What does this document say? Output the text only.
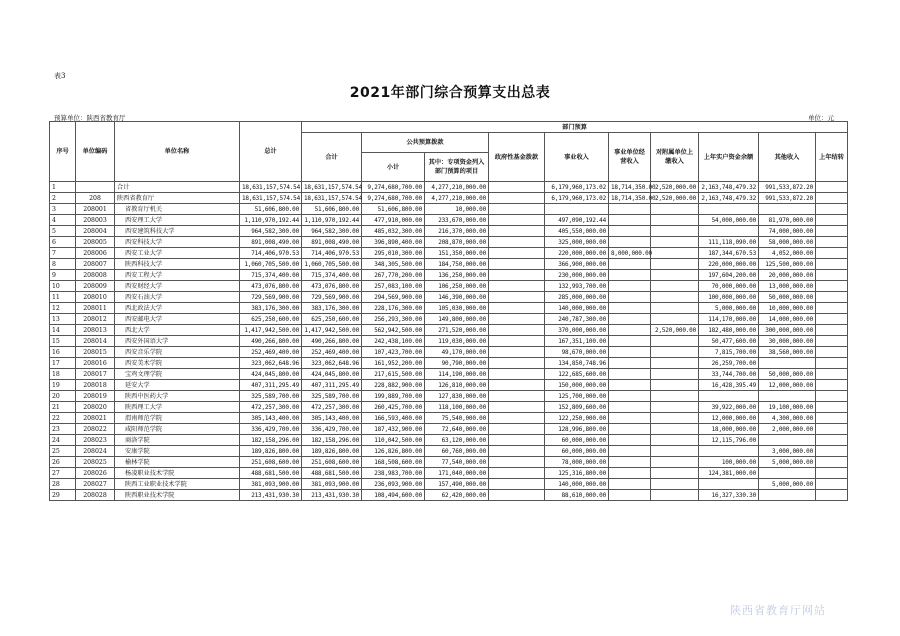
表3
2021年部门综合预算支出总表
预算单位：陕西省教育厅	单位：元
序号	单位编码	单位名称	总计	部门预算									
				合计	公共预算拨款		政府性基金拨款	事业收入	事业单位经营收入	对附属单位上缴收入	上年实户资金余额	其他收入	上年结转
					小计	其中：专项资金列入部门预算的项目							
1		合计	18,631,157,574.54	18,631,157,574.54	9,274,680,700.00	4,277,210,000.00		6,179,960,173.02	18,714,350.00	2,520,000.00	2,163,748,479.32	991,533,872.20	
2	208	陕西省教育厅	18,631,157,574.54	18,631,157,574.54	9,274,680,700.00	4,277,210,000.00		6,179,960,173.02	18,714,350.00	2,520,000.00	2,163,748,479.32	991,533,872.20	
3	208001	省教育厅机关	51,606,800.00	51,606,800.00	51,606,800.00	10,000.00							
4	208003	西安理工大学	1,110,970,192.44	1,110,970,192.44	477,910,000.00	233,670,000.00		497,090,192.44			54,000,000.00	81,970,000.00	
5	208004	西安建筑科技大学	964,582,300.00	964,582,300.00	485,032,300.00	216,370,000.00		405,550,000.00				74,000,000.00	
6	208005	西安科技大学	891,008,490.00	891,008,490.00	396,890,400.00	208,870,000.00		325,000,000.00			111,118,090.00	58,000,000.00	
7	208006	西安工业大学	714,406,970.53	714,406,970.53	295,010,300.00	151,350,000.00		220,000,000.00	8,000,000.00		187,344,670.53	4,052,000.00	
8	208007	陕西科技大学	1,060,705,500.00	1,060,705,500.00	348,305,500.00	184,750,000.00		366,900,000.00			220,000,000.00	125,500,000.00	
9	208008	西安工程大学	715,374,400.00	715,374,400.00	267,770,200.00	136,250,000.00		230,000,000.00			197,604,200.00	20,000,000.00	
10	208009	西安财经大学	473,076,800.00	473,076,800.00	257,083,100.00	106,250,000.00		132,993,700.00			70,000,000.00	13,000,000.00	
11	208010	西安石油大学	729,569,900.00	729,569,900.00	294,569,900.00	146,390,000.00		285,000,000.00			100,000,000.00	50,000,000.00	
12	208011	西北政法大学	383,176,300.00	383,176,300.00	228,176,300.00	105,030,000.00		140,000,000.00			5,000,000.00	10,000,000.00	
13	208012	西安邮电大学	625,250,600.00	625,250,600.00	256,293,300.00	149,800,000.00		240,787,300.00			114,170,000.00	14,000,000.00	
14	208013	西北大学	1,417,942,500.00	1,417,942,500.00	562,942,500.00	271,520,000.00		370,000,000.00		2,520,000.00	182,480,000.00	300,000,000.00	
15	208014	西安外国语大学	490,266,800.00	490,266,800.00	242,438,100.00	119,030,000.00		167,351,100.00			50,477,600.00	30,000,000.00	
16	208015	西安音乐学院	252,469,400.00	252,469,400.00	107,423,700.00	49,170,000.00		98,670,000.00			7,815,700.00	38,560,000.00	
17	208016	西安美术学院	323,062,648.96	323,062,648.96	161,952,200.00	90,790,000.00		134,850,748.96			26,259,700.00		
18	208017	宝鸡文理学院	424,045,800.00	424,045,800.00	217,615,500.00	114,190,000.00		122,685,600.00			33,744,700.00	50,000,000.00	
19	208018	延安大学	407,311,295.49	407,311,295.49	228,882,900.00	126,810,000.00		150,000,000.00			16,428,395.49	12,000,000.00	
20	208019	陕西中医药大学	325,589,700.00	325,589,700.00	199,889,700.00	127,830,000.00		125,700,000.00					
21	208020	陕西理工大学	472,257,300.00	472,257,300.00	260,425,700.00	118,100,000.00		152,809,600.00			39,922,000.00	19,100,000.00	
22	208021	渭南师范学院	305,143,400.00	305,143,400.00	166,593,400.00	75,540,000.00		122,250,000.00			12,000,000.00	4,300,000.00	
23	208022	咸阳师范学院	336,429,700.00	336,429,700.00	187,432,900.00	72,640,000.00		128,996,800.00			18,000,000.00	2,000,000.00	
24	208023	商洛学院	182,158,296.00	182,158,296.00	110,042,500.00	63,120,000.00		60,000,000.00			12,115,796.00		
25	208024	安康学院	189,826,800.00	189,826,800.00	126,826,800.00	60,760,000.00		60,000,000.00				3,000,000.00	
26	208025	榆林学院	251,608,600.00	251,608,600.00	168,508,600.00	77,540,000.00		78,000,000.00			100,000.00	5,000,000.00	
27	208026	杨凌职业技术学院	488,681,500.00	488,681,500.00	238,983,700.00	171,040,000.00		125,316,800.00			124,381,000.00		
28	208027	陕西工业职业技术学院	381,093,900.00	381,093,900.00	236,093,900.00	157,490,000.00		140,000,000.00				5,000,000.00	
29	208028	陕西职业技术学院	213,431,930.30	213,431,930.30	108,494,600.00	62,420,000.00		88,610,000.00			16,327,330.30		
陕西省教育厅网站
